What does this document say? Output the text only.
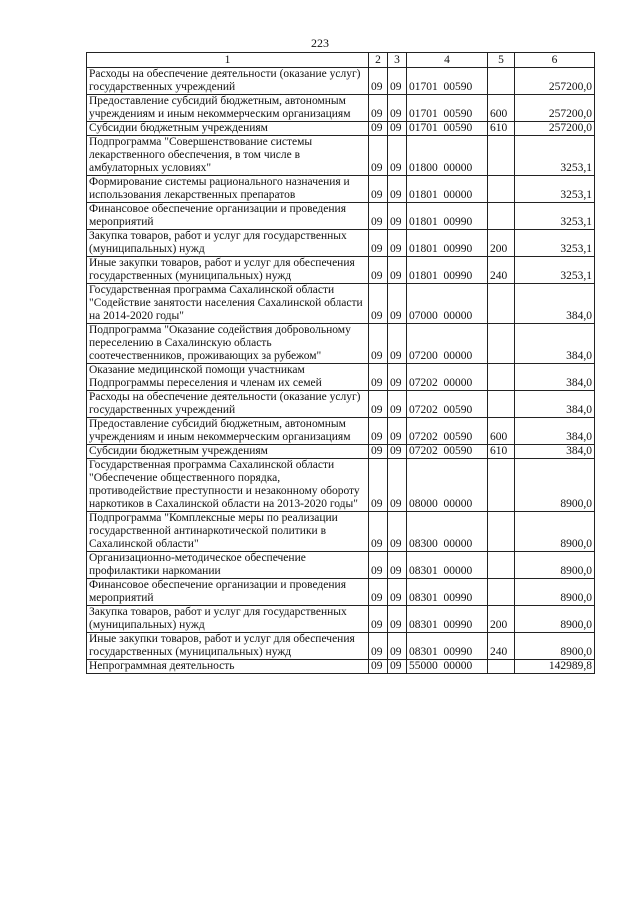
223
1	2	3	4	5	6
Расходы на обеспечение деятельности (оказание услуг) государственных учреждений	09	09	01701  00590		257200,0
Предоставление субсидий бюджетным, автономным учреждениям и иным некоммерческим организациям	09	09	01701  00590	600	257200,0
Субсидии бюджетным учреждениям	09	09	01701  00590	610	257200,0
Подпрограмма "Совершенствование системы лекарственного обеспечения, в том числе в амбулаторных условиях"	09	09	01800  00000		3253,1
Формирование системы рационального назначения и использования лекарственных препаратов	09	09	01801  00000		3253,1
Финансовое обеспечение организации и проведения мероприятий	09	09	01801  00990		3253,1
Закупка товаров, работ и услуг для государственных (муниципальных) нужд	09	09	01801  00990	200	3253,1
Иные закупки товаров, работ и услуг для обеспечения государственных (муниципальных) нужд	09	09	01801  00990	240	3253,1
Государственная программа Сахалинской области "Содействие занятости населения Сахалинской области на 2014-2020 годы"	09	09	07000  00000		384,0
Подпрограмма "Оказание содействия добровольному переселению в Сахалинскую область соотечественников, проживающих за рубежом"	09	09	07200  00000		384,0
Оказание медицинской помощи участникам Подпрограммы переселения и членам их семей	09	09	07202  00000		384,0
Расходы на обеспечение деятельности (оказание услуг) государственных учреждений	09	09	07202  00590		384,0
Предоставление субсидий бюджетным, автономным учреждениям и иным некоммерческим организациям	09	09	07202  00590	600	384,0
Субсидии бюджетным учреждениям	09	09	07202  00590	610	384,0
Государственная программа Сахалинской области "Обеспечение общественного порядка, противодействие преступности и незаконному обороту наркотиков в Сахалинской области на 2013-2020 годы"	09	09	08000  00000		8900,0
Подпрограмма "Комплексные меры по реализации государственной антинаркотической политики в Сахалинской области"	09	09	08300  00000		8900,0
Организационно-методическое обеспечение профилактики наркомании	09	09	08301  00000		8900,0
Финансовое обеспечение организации и проведения мероприятий	09	09	08301  00990		8900,0
Закупка товаров, работ и услуг для государственных (муниципальных) нужд	09	09	08301  00990	200	8900,0
Иные закупки товаров, работ и услуг для обеспечения государственных (муниципальных) нужд	09	09	08301  00990	240	8900,0
Непрограммная деятельность	09	09	55000  00000		142989,8
